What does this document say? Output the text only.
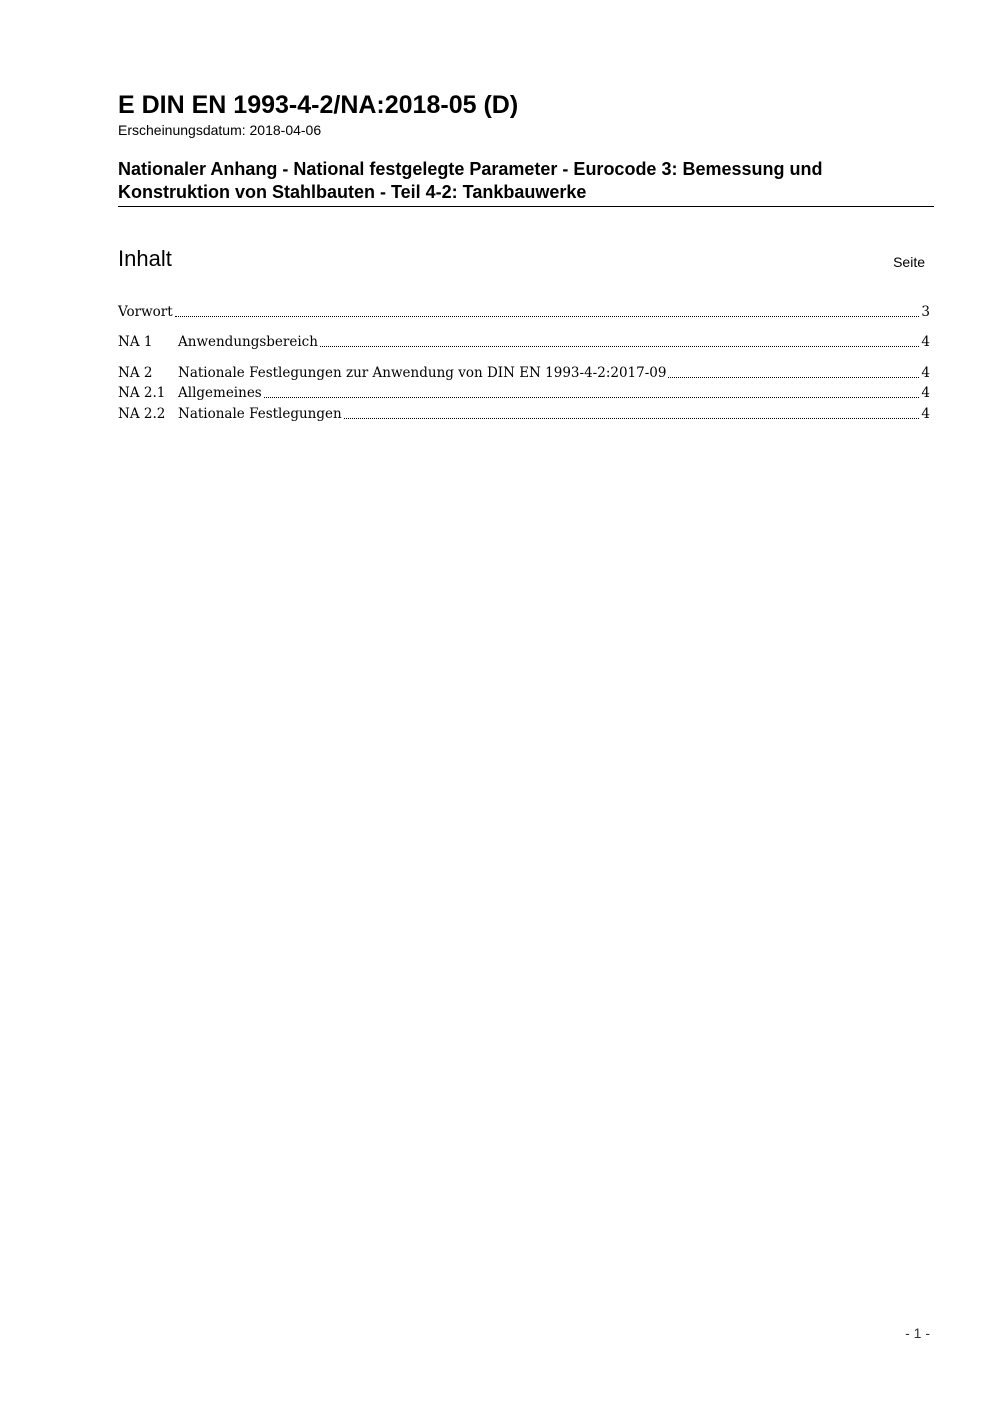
E DIN EN 1993-4-2/NA:2018-05 (D)
Erscheinungsdatum: 2018-04-06
Nationaler Anhang - National festgelegte Parameter - Eurocode 3: Bemessung und
Konstruktion von Stahlbauten - Teil 4-2: Tankbauwerke
Inhalt	Seite
Vorwort	3
NA 1	Anwendungsbereich	4
NA 2	Nationale Festlegungen zur Anwendung von DIN EN 1993-4-2:2017-09	4
NA 2.1 Allgemeines	4
NA 2.2 Nationale Festlegungen	4
- 1 -
